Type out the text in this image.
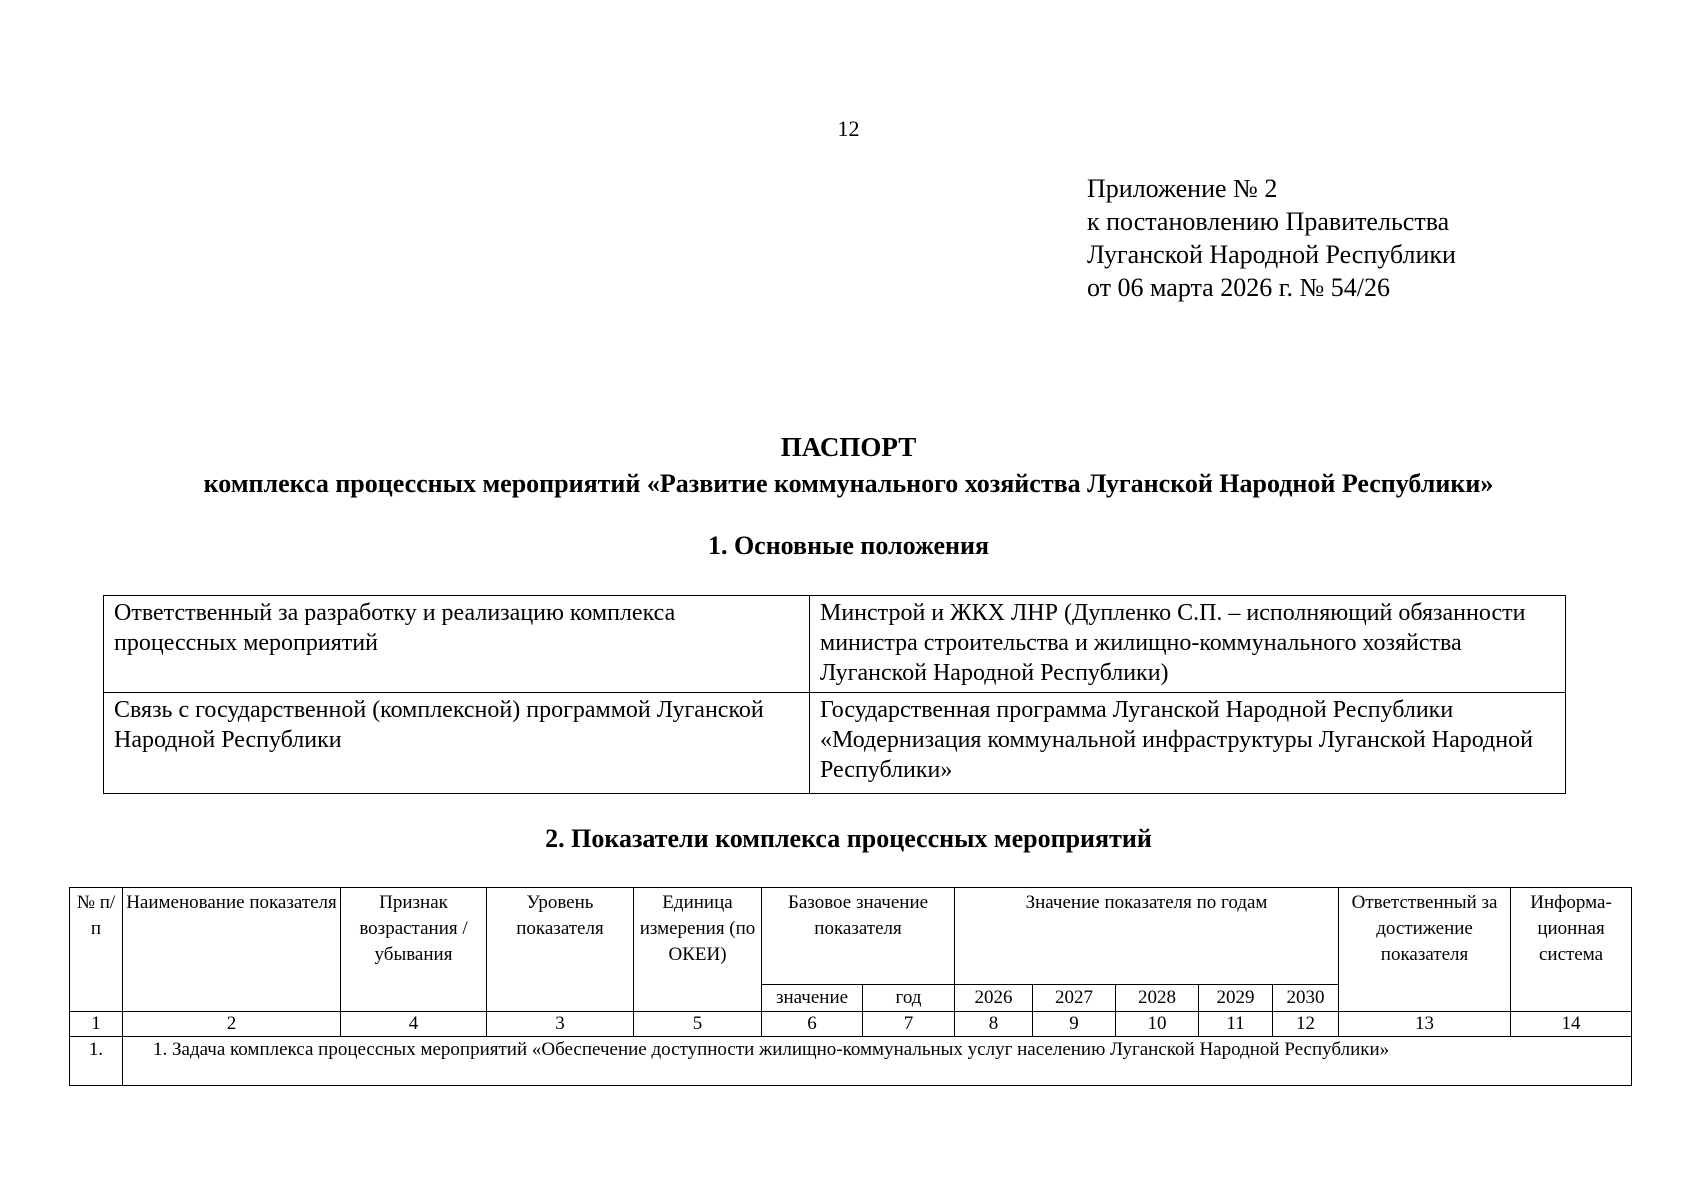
12
Приложение № 2
к постановлению Правительства
Луганской Народной Республики
от 06 марта 2026 г. № 54/26
ПАСПОРТ
комплекса процессных мероприятий «Развитие коммунального хозяйства Луганской Народной Республики»
1. Основные положения
Ответственный за разработку и реализацию комплекса процессных мероприятий	Минстрой и ЖКХ ЛНР (Дупленко С.П. – исполняющий обязанности министра строительства и жилищно-коммунального хозяйства Луганской Народной Республики)
Связь с государственной (комплексной) программой Луганской Народной Республики	Государственная программа Луганской Народной Республики «Модернизация коммунальной инфраструктуры Луганской Народной Республики»
2. Показатели комплекса процессных мероприятий
№ п/п	Наименование показателя	Признак возрастания / убывания	Уровень показателя	Единица измерения (по ОКЕИ)	Базовое значение показателя		Значение показателя по годам					Ответственный за достижение показателя	Информа-ционная система
					значение	год	2026	2027	2028	2029	2030		
1	2	4	3	5	6	7	8	9	10	11	12	13	14
1.	1. Задача комплекса процессных мероприятий «Обеспечение доступности жилищно-коммунальных услуг населению Луганской Народной Республики»												
